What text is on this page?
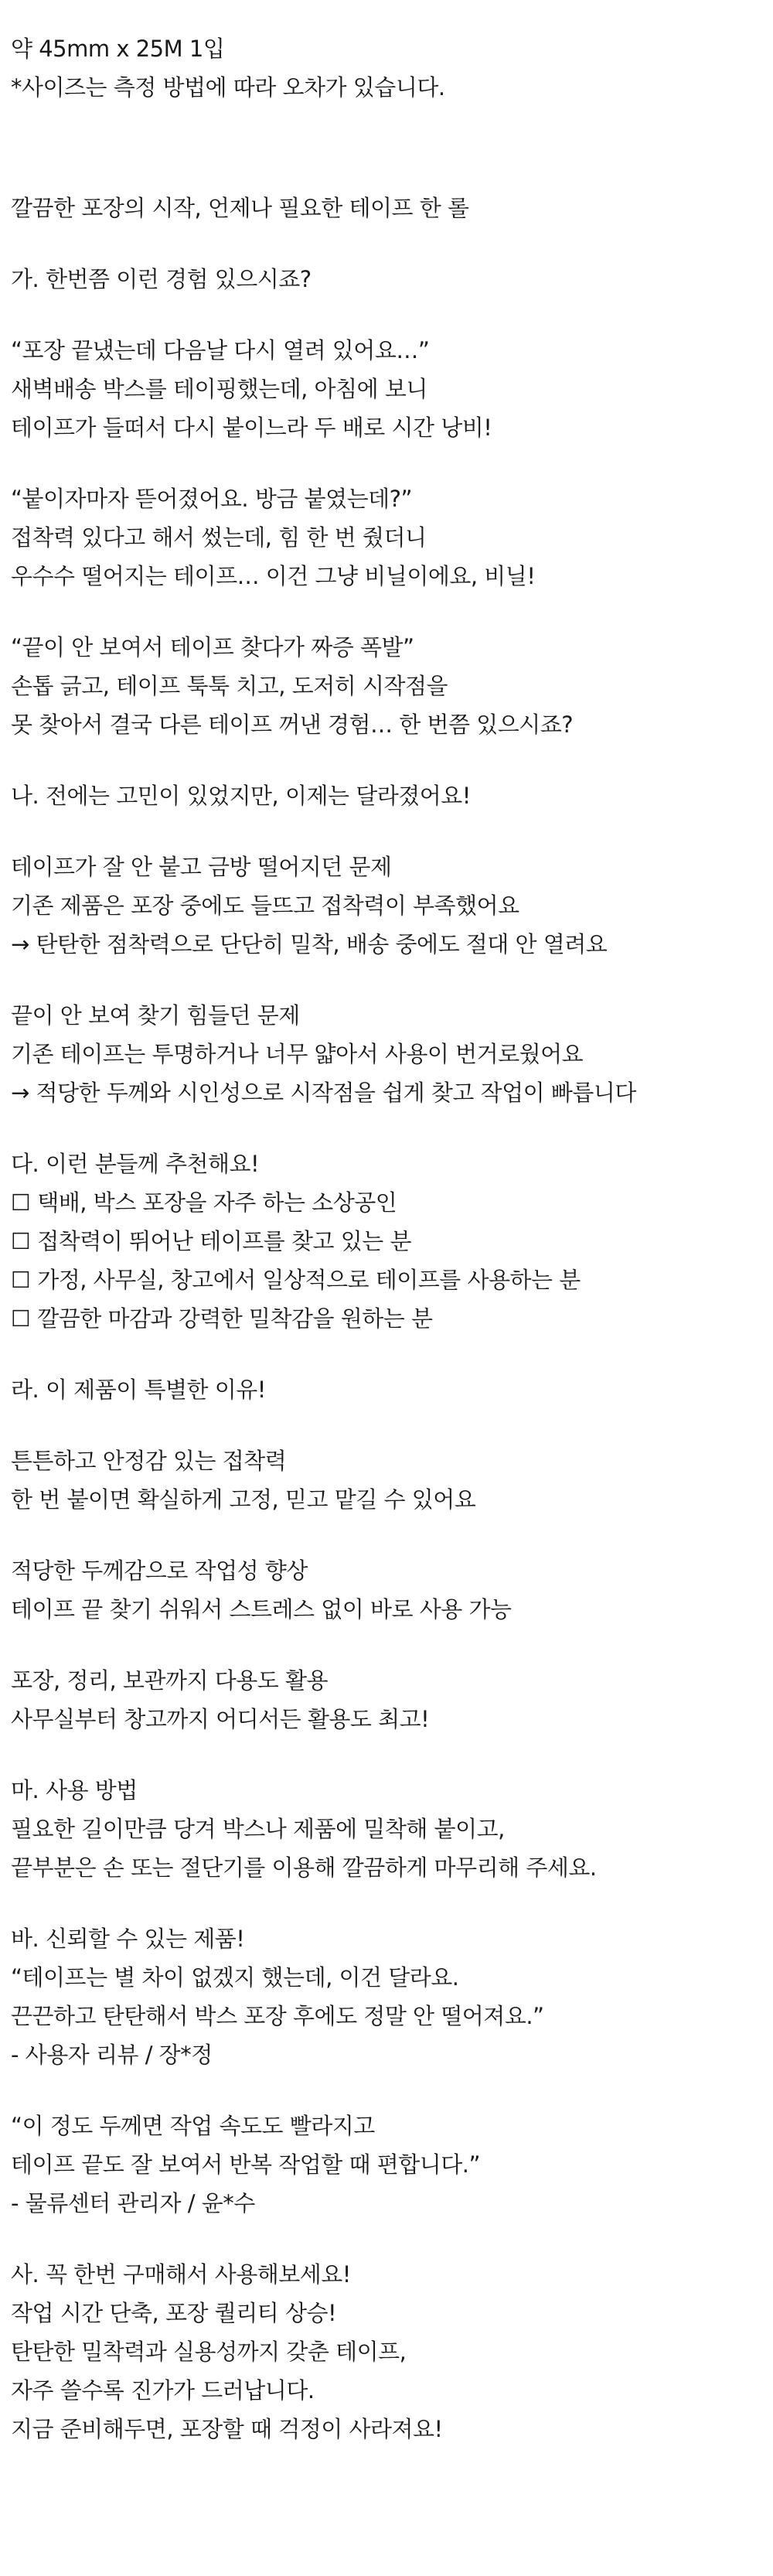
약 45mm x 25M 1입
*사이즈는 측정 방법에 따라 오차가 있습니다.
깔끔한 포장의 시작, 언제나 필요한 테이프 한 롤
가. 한번쯤 이런 경험 있으시죠?
“포장 끝냈는데 다음날 다시 열려 있어요…”
새벽배송 박스를 테이핑했는데, 아침에 보니
테이프가 들떠서 다시 붙이느라 두 배로 시간 낭비!
“붙이자마자 뜯어졌어요. 방금 붙였는데?”
접착력 있다고 해서 썼는데, 힘 한 번 줬더니
우수수 떨어지는 테이프… 이건 그냥 비닐이에요, 비닐!
“끝이 안 보여서 테이프 찾다가 짜증 폭발”
손톱 긁고, 테이프 툭툭 치고, 도저히 시작점을
못 찾아서 결국 다른 테이프 꺼낸 경험… 한 번쯤 있으시죠?
나. 전에는 고민이 있었지만, 이제는 달라졌어요!
테이프가 잘 안 붙고 금방 떨어지던 문제
기존 제품은 포장 중에도 들뜨고 접착력이 부족했어요
→ 탄탄한 점착력으로 단단히 밀착, 배송 중에도 절대 안 열려요
끝이 안 보여 찾기 힘들던 문제
기존 테이프는 투명하거나 너무 얇아서 사용이 번거로웠어요
→ 적당한 두께와 시인성으로 시작점을 쉽게 찾고 작업이 빠릅니다
다. 이런 분들께 추천해요!
☐ 택배, 박스 포장을 자주 하는 소상공인
☐ 접착력이 뛰어난 테이프를 찾고 있는 분
☐ 가정, 사무실, 창고에서 일상적으로 테이프를 사용하는 분
☐ 깔끔한 마감과 강력한 밀착감을 원하는 분
라. 이 제품이 특별한 이유!
튼튼하고 안정감 있는 접착력
한 번 붙이면 확실하게 고정, 믿고 맡길 수 있어요
적당한 두께감으로 작업성 향상
테이프 끝 찾기 쉬워서 스트레스 없이 바로 사용 가능
포장, 정리, 보관까지 다용도 활용
사무실부터 창고까지 어디서든 활용도 최고!
마. 사용 방법
필요한 길이만큼 당겨 박스나 제품에 밀착해 붙이고,
끝부분은 손 또는 절단기를 이용해 깔끔하게 마무리해 주세요.
바. 신뢰할 수 있는 제품!
“테이프는 별 차이 없겠지 했는데, 이건 달라요.
끈끈하고 탄탄해서 박스 포장 후에도 정말 안 떨어져요.”
- 사용자 리뷰 / 장*정
“이 정도 두께면 작업 속도도 빨라지고
테이프 끝도 잘 보여서 반복 작업할 때 편합니다.”
- 물류센터 관리자 / 윤*수
사. 꼭 한번 구매해서 사용해보세요!
작업 시간 단축, 포장 퀄리티 상승!
탄탄한 밀착력과 실용성까지 갖춘 테이프,
자주 쓸수록 진가가 드러납니다.
지금 준비해두면, 포장할 때 걱정이 사라져요!
